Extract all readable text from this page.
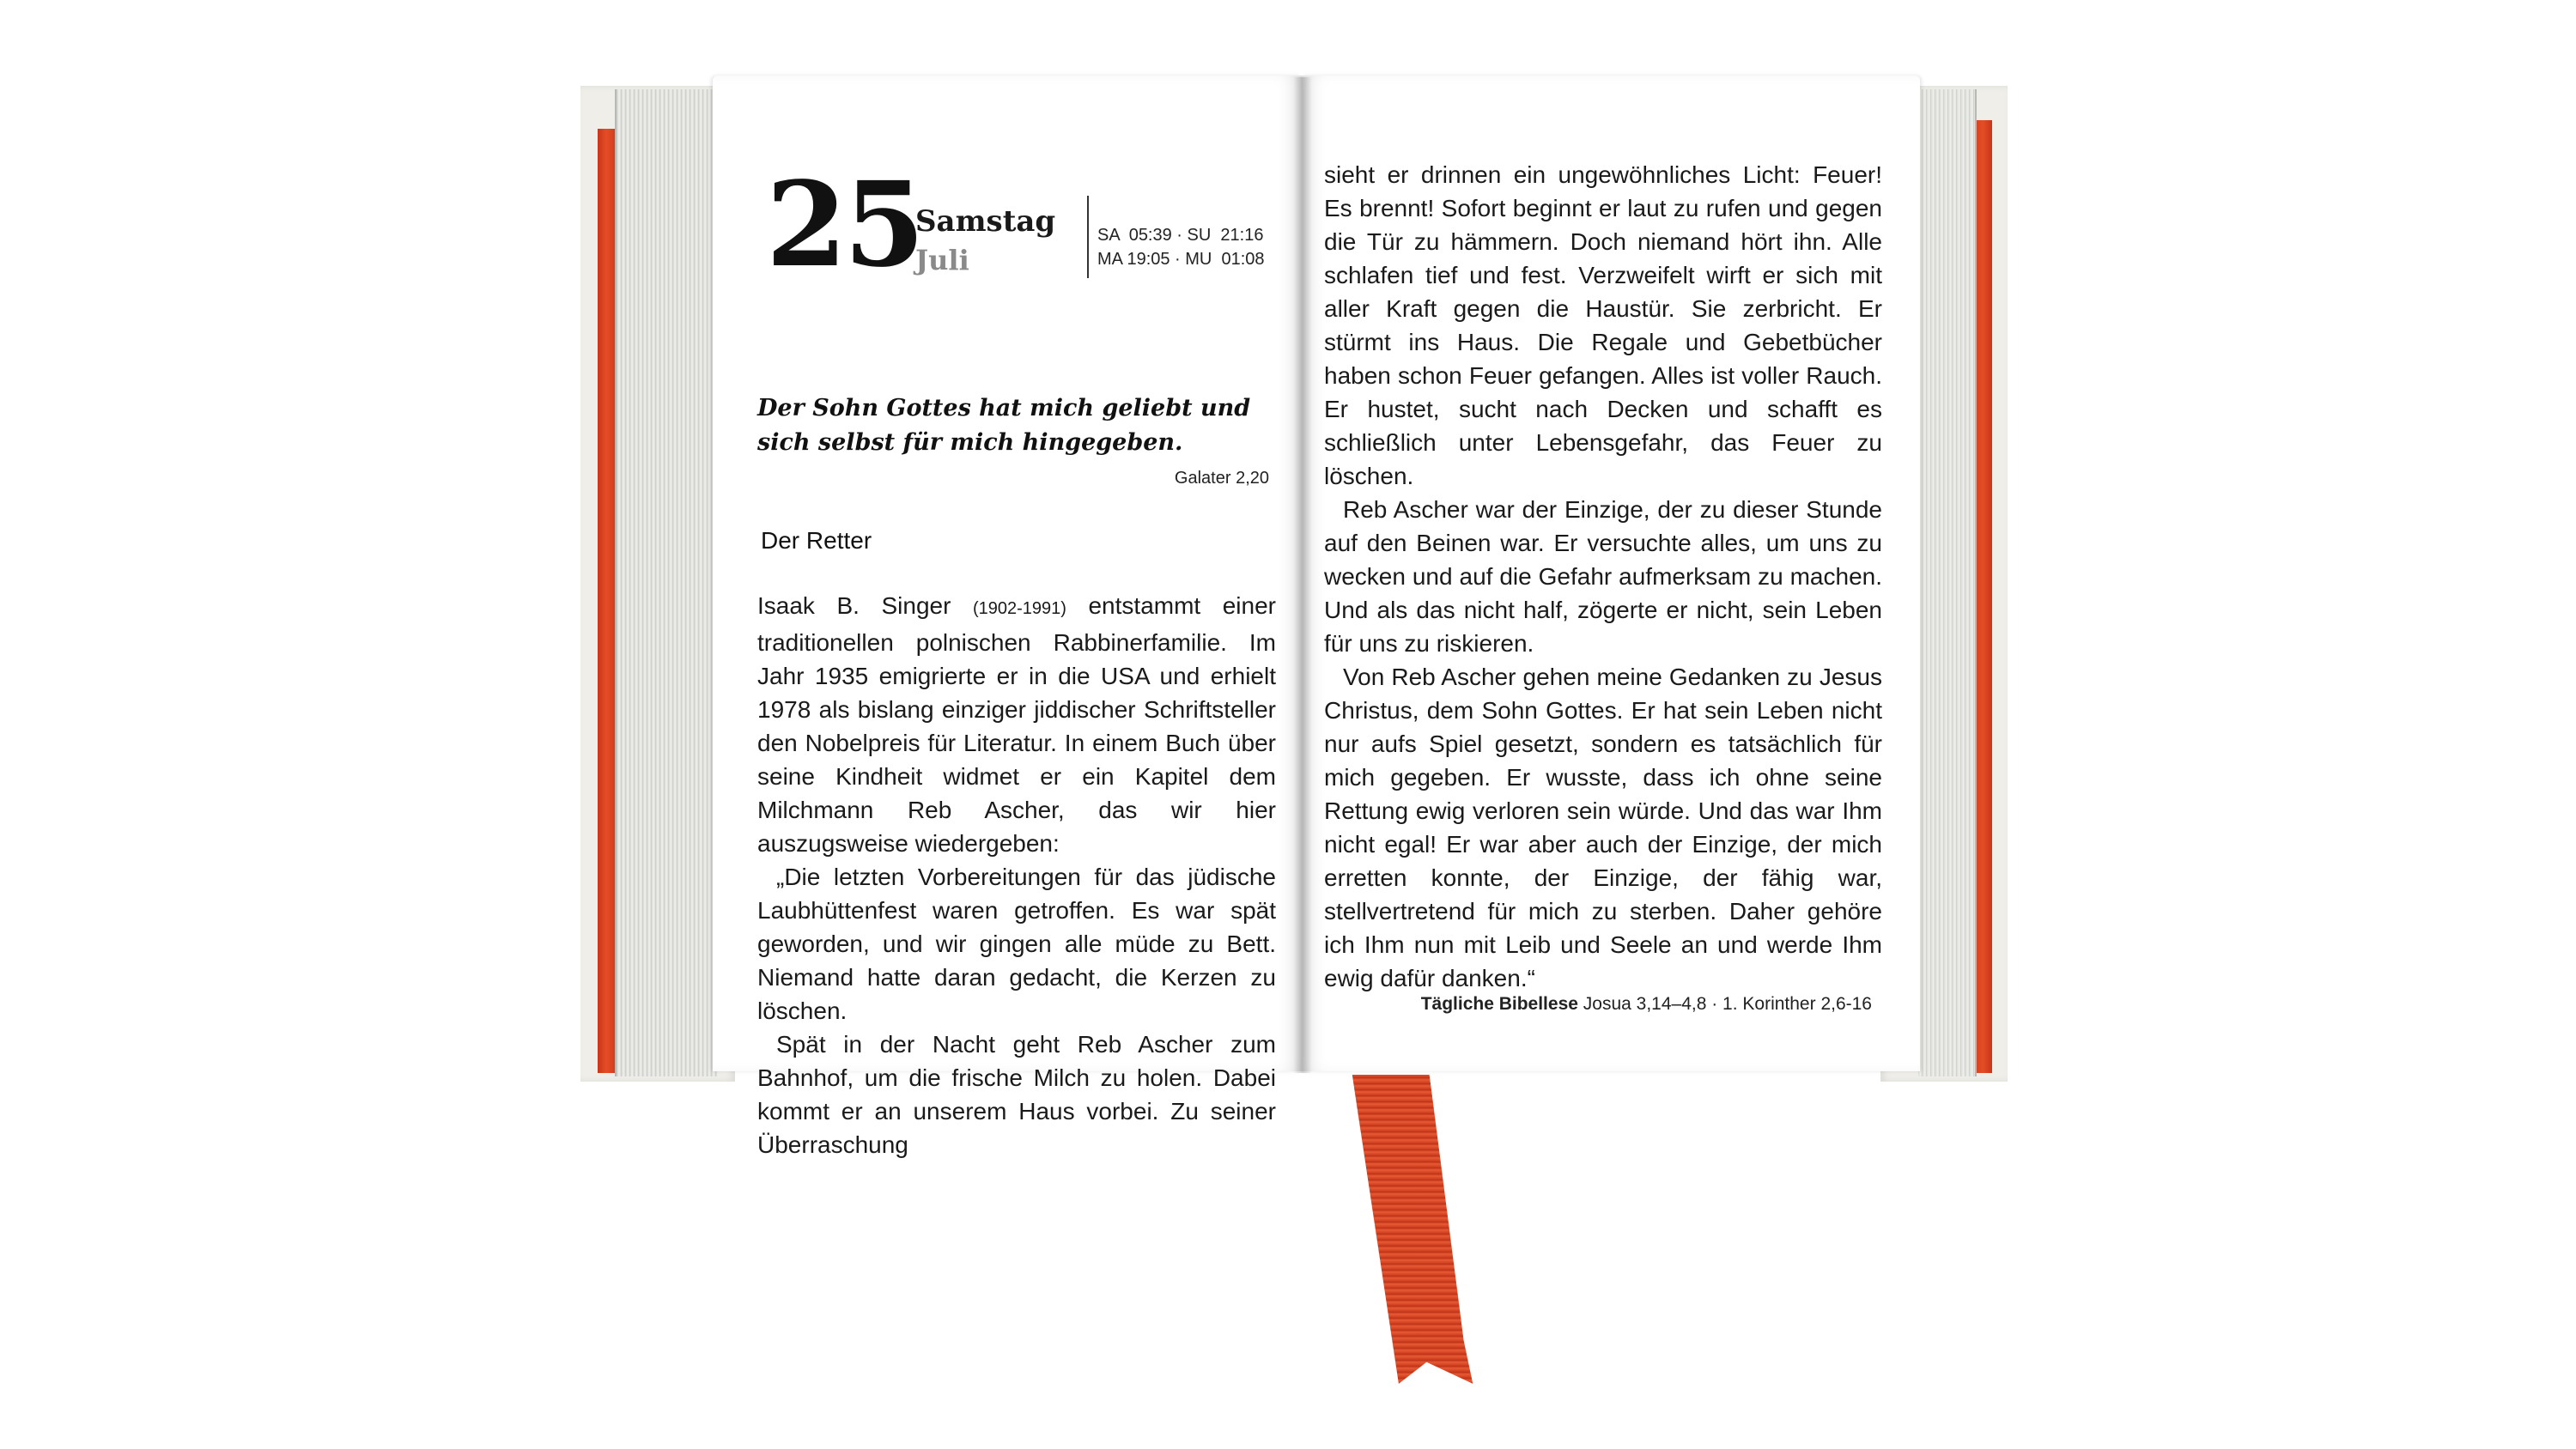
25
Samstag
Juli
SA  05:39 · SU  21:16
MA 19:05 · MU  01:08
Der Sohn Gottes hat mich geliebt und sich selbst für mich hingegeben.
Galater 2,20
Der Retter

Isaak B. Singer (1902-1991) entstammt einer traditionellen polnischen Rabbinerfamilie. Im Jahr 1935 emigrierte er in die USA und erhielt 1978 als bislang einziger jiddischer Schriftsteller den Nobelpreis für Literatur. In einem Buch über seine Kindheit widmet er ein Kapitel dem Milchmann Reb Ascher, das wir hier auszugsweise wiedergeben:

„Die letzten Vorbereitungen für das jüdische Laubhüttenfest waren getroffen. Es war spät geworden, und wir gingen alle müde zu Bett. Niemand hatte daran gedacht, die Kerzen zu löschen.

Spät in der Nacht geht Reb Ascher zum Bahnhof, um die frische Milch zu holen. Dabei kommt er an unserem Haus vorbei. Zu seiner Überraschung

sieht er drinnen ein ungewöhnliches Licht: Feuer! Es brennt! Sofort beginnt er laut zu rufen und gegen die Tür zu hämmern. Doch niemand hört ihn. Alle schlafen tief und fest. Verzweifelt wirft er sich mit aller Kraft gegen die Haustür. Sie zerbricht. Er stürmt ins Haus. Die Regale und Gebetbücher haben schon Feuer gefangen. Alles ist voller Rauch. Er hustet, sucht nach Decken und schafft es schließlich unter Lebensgefahr, das Feuer zu löschen.

Reb Ascher war der Einzige, der zu dieser Stunde auf den Beinen war. Er versuchte alles, um uns zu wecken und auf die Gefahr aufmerksam zu machen. Und als das nicht half, zögerte er nicht, sein Leben für uns zu riskieren.

Von Reb Ascher gehen meine Gedanken zu Jesus Christus, dem Sohn Gottes. Er hat sein Leben nicht nur aufs Spiel gesetzt, sondern es tatsächlich für mich gegeben. Er wusste, dass ich ohne seine Rettung ewig verloren sein würde. Und das war Ihm nicht egal! Er war aber auch der Einzige, der mich erretten konnte, der Einzige, der fähig war, stellvertretend für mich zu sterben. Daher gehöre ich Ihm nun mit Leib und Seele an und werde Ihm ewig dafür danken.“

Tägliche Bibellese Josua 3,14–4,8 · 1. Korinther 2,6-16
